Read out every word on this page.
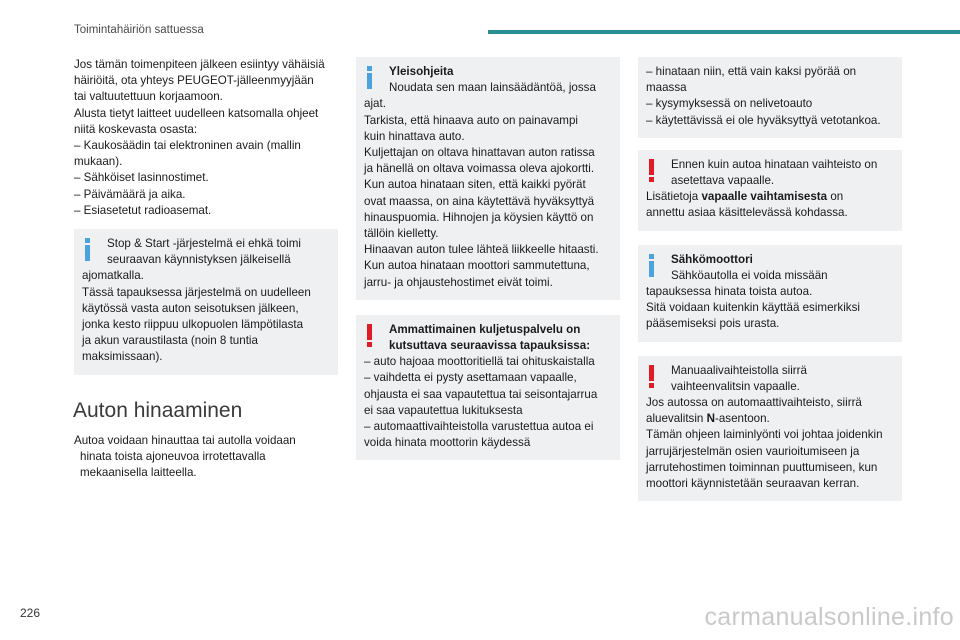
Toimintahäiriön sattuessa
Jos tämän toimenpiteen jälkeen esiintyy vähäisiä
häiriöitä, ota yhteys PEUGEOT-jälleenmyyjään
tai valtuutettuun korjaamoon.
Alusta tietyt laitteet uudelleen katsomalla ohjeet
niitä koskevasta osasta:
– Kaukosäädin tai elektroninen avain (mallin
mukaan).
– Sähköiset lasinnostimet.
– Päivämäärä ja aika.
– Esiasetetut radioasemat.
Stop & Start -järjestelmä ei ehkä toimi
seuraavan käynnistyksen jälkeisellä
ajomatkalla.
Tässä tapauksessa järjestelmä on uudelleen
käytössä vasta auton seisotuksen jälkeen,
jonka kesto riippuu ulkopuolen lämpötilasta
ja akun varaustilasta (noin 8 tuntia
maksimissaan).
Auton hinaaminen
Autoa voidaan hinauttaa tai autolla voidaan
hinata toista ajoneuvoa irrotettavalla
mekaanisella laitteella.
Yleisohjeita
Noudata sen maan lainsäädäntöä, jossa
ajat.
Tarkista, että hinaava auto on painavampi
kuin hinattava auto.
Kuljettajan on oltava hinattavan auton ratissa
ja hänellä on oltava voimassa oleva ajokortti.
Kun autoa hinataan siten, että kaikki pyörät
ovat maassa, on aina käytettävä hyväksyttyä
hinauspuomia. Hihnojen ja köysien käyttö on
tällöin kielletty.
Hinaavan auton tulee lähteä liikkeelle hitaasti.
Kun autoa hinataan moottori sammutettuna,
jarru- ja ohjaustehostimet eivät toimi.
Ammattimainen kuljetuspalvelu on
kutsuttava seuraavissa tapauksissa:
– auto hajoaa moottoritiellä tai ohituskaistalla
– vaihdetta ei pysty asettamaan vapaalle,
ohjausta ei saa vapautettua tai seisontajarrua
ei saa vapautettua lukituksesta
– automaattivaihteistolla varustettua autoa ei
voida hinata moottorin käydessä
– hinataan niin, että vain kaksi pyörää on
maassa
– kysymyksessä on nelivetoauto
– käytettävissä ei ole hyväksyttyä vetotankoa.
Ennen kuin autoa hinataan vaihteisto on
asetettava vapaalle.
Lisätietoja vapaalle vaihtamisesta on
annettu asiaa käsittelevässä kohdassa.
Sähkömoottori
Sähköautolla ei voida missään
tapauksessa hinata toista autoa.
Sitä voidaan kuitenkin käyttää esimerkiksi
pääsemiseksi pois urasta.
Manuaalivaihteistolla siirrä
vaihteenvalitsin vapaalle.
Jos autossa on automaattivaihteisto, siirrä
aluevalitsin N-asentoon.
Tämän ohjeen laiminlyönti voi johtaa joidenkin
jarrujärjestelmän osien vaurioitumiseen ja
jarrutehostimen toiminnan puuttumiseen, kun
moottori käynnistetään seuraavan kerran.
226	carmanualsonline.info
